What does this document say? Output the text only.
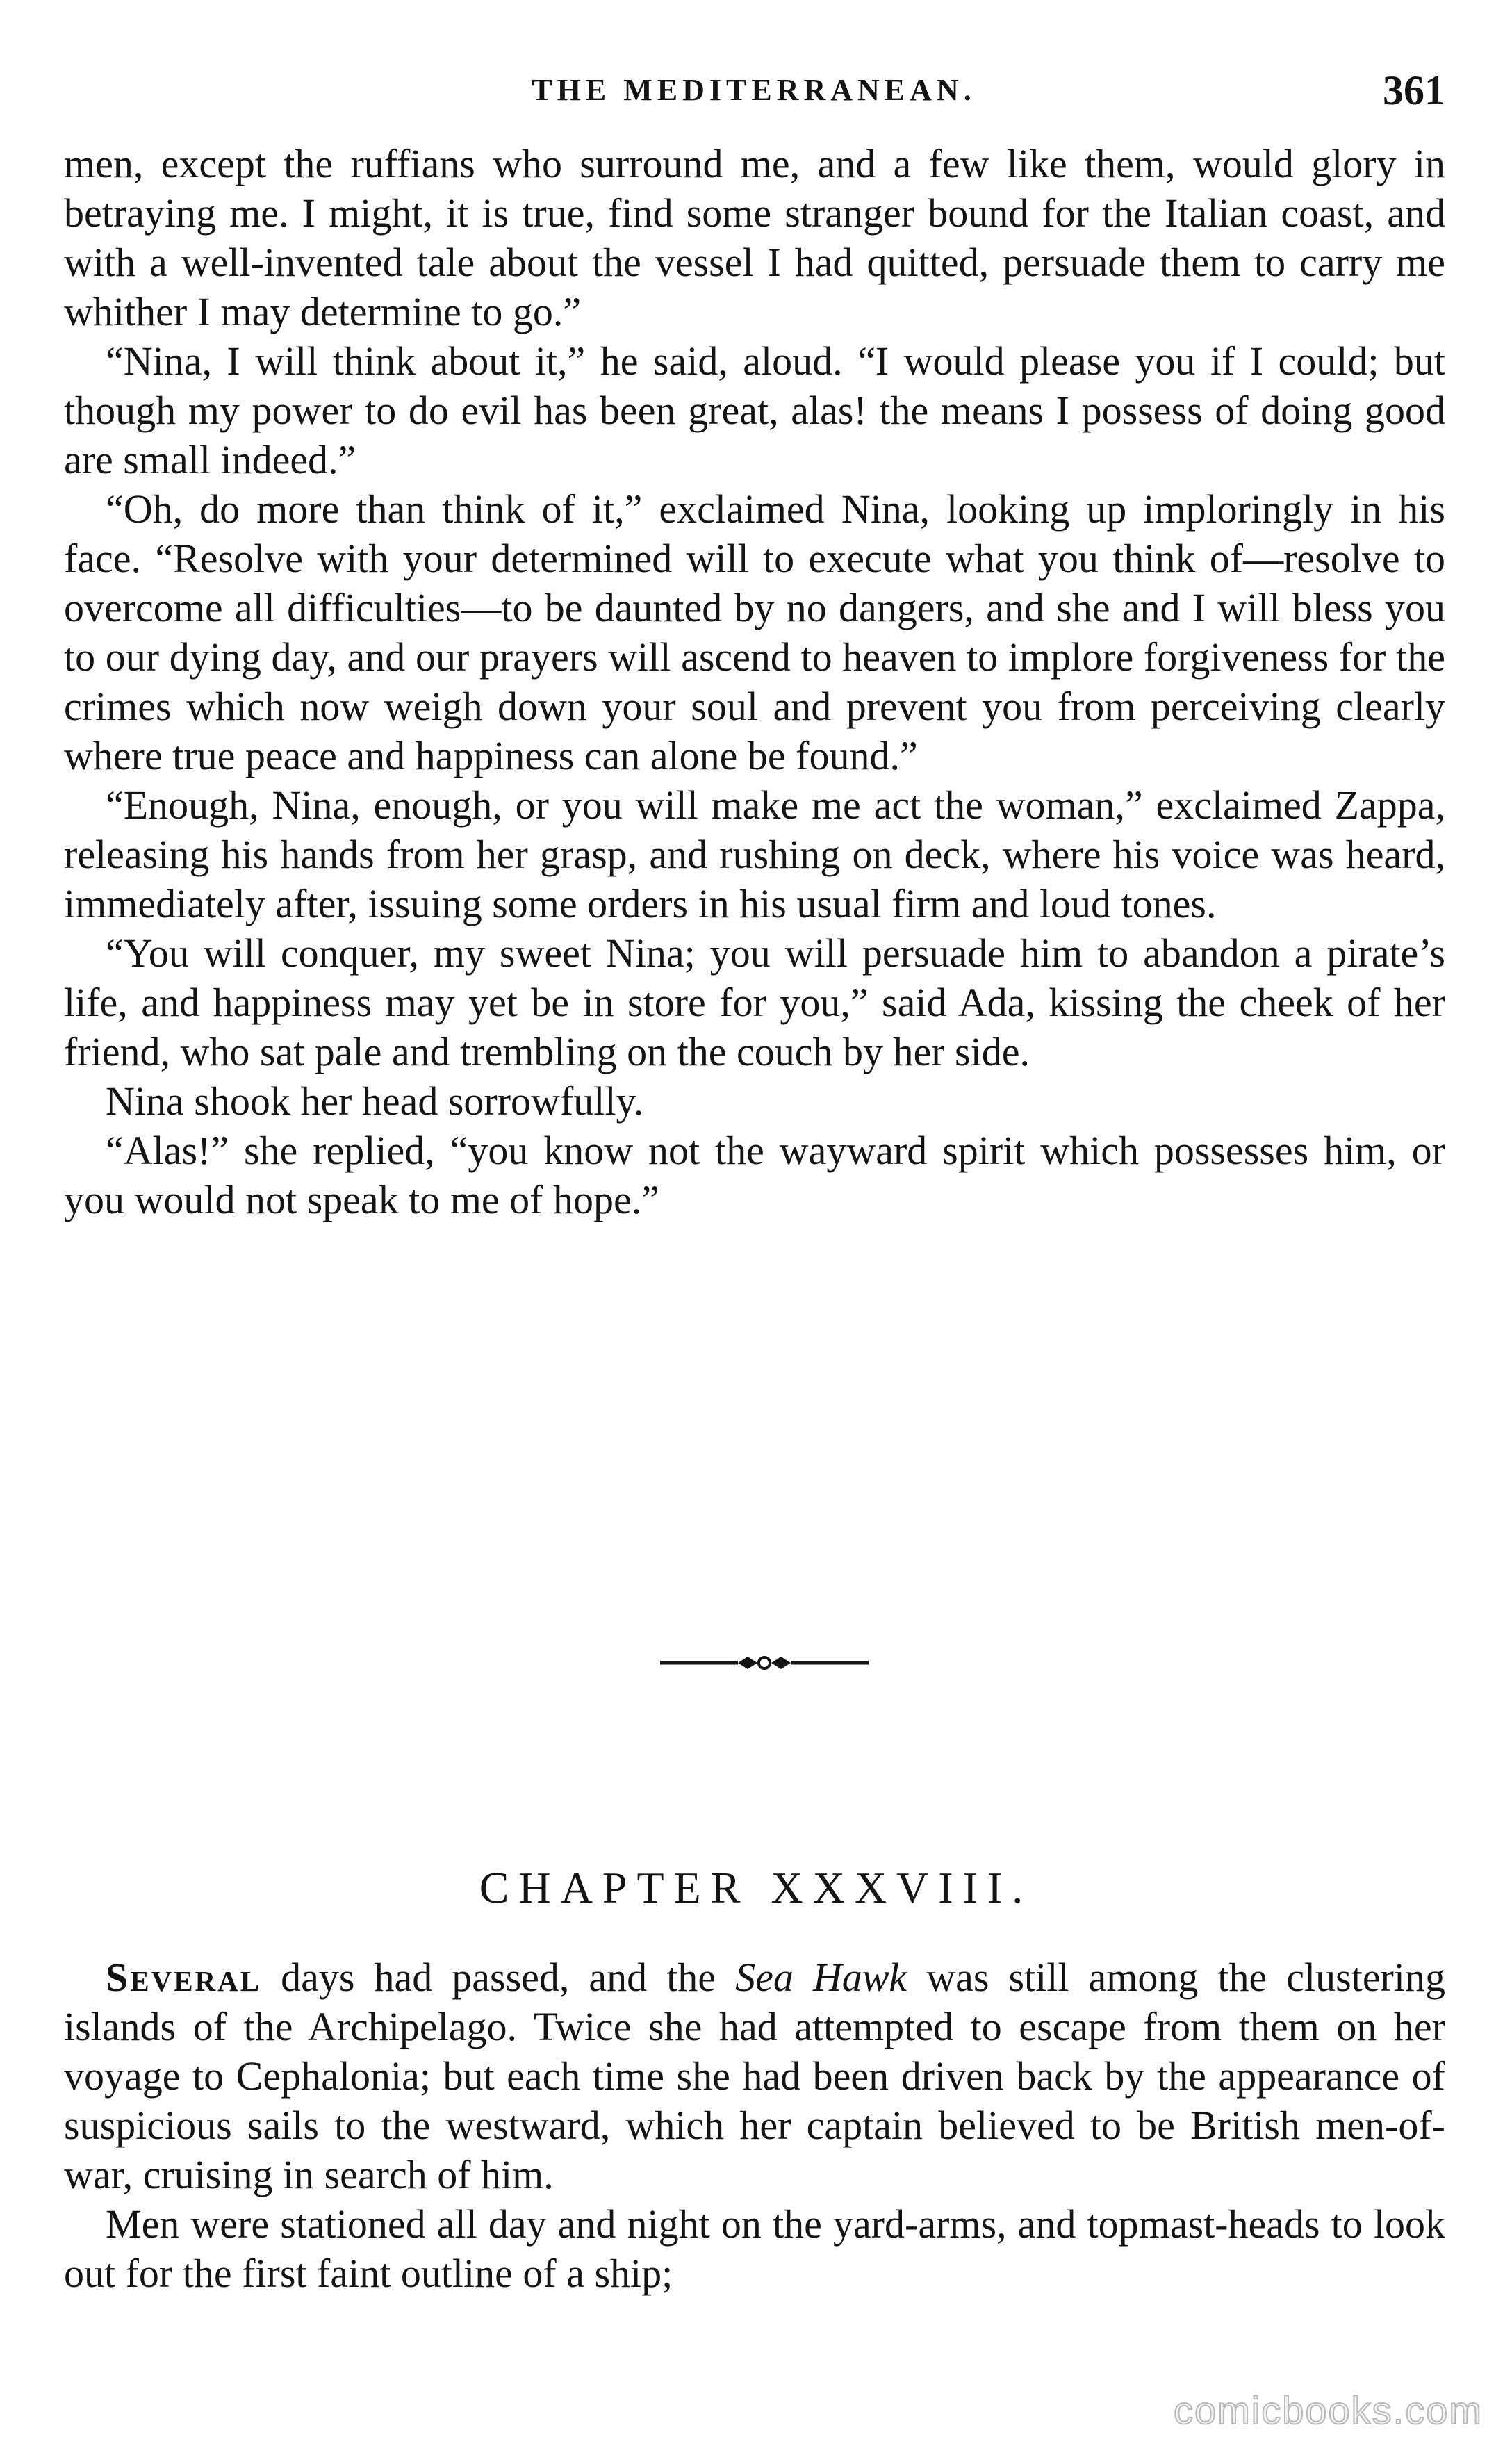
THE MEDITERRANEAN.	361

men, except the ruffians who surround me, and a few like them, would glory in betraying me. I might, it is true, find some stranger bound for the Italian coast, and with a well-invented tale about the vessel I had quitted, persuade them to carry me whither I may determine to go.”

“Nina, I will think about it,” he said, aloud. “I would please you if I could; but though my power to do evil has been great, alas! the means I possess of doing good are small indeed.”

“Oh, do more than think of it,” exclaimed Nina, looking up imploringly in his face. “Resolve with your determined will to execute what you think of—resolve to overcome all difficulties—to be daunted by no dangers, and she and I will bless you to our dying day, and our prayers will ascend to heaven to implore forgiveness for the crimes which now weigh down your soul and prevent you from perceiving clearly where true peace and happiness can alone be found.”

“Enough, Nina, enough, or you will make me act the woman,” exclaimed Zappa, releasing his hands from her grasp, and rushing on deck, where his voice was heard, immediately after, issuing some orders in his usual firm and loud tones.

“You will conquer, my sweet Nina; you will persuade him to abandon a pirate’s life, and happiness may yet be in store for you,” said Ada, kissing the cheek of her friend, who sat pale and trembling on the couch by her side.

Nina shook her head sorrowfully.

“Alas!” she replied, “you know not the wayward spirit which possesses him, or you would not speak to me of hope.”

CHAPTER XXXVIII.

Several days had passed, and the Sea Hawk was still among the clustering islands of the Archipelago. Twice she had attempted to escape from them on her voyage to Cephalonia; but each time she had been driven back by the appearance of suspicious sails to the westward, which her captain believed to be British men-of-war, cruising in search of him.

Men were stationed all day and night on the yard-arms, and topmast-heads to look out for the first faint outline of a ship;

comicbooks.com
